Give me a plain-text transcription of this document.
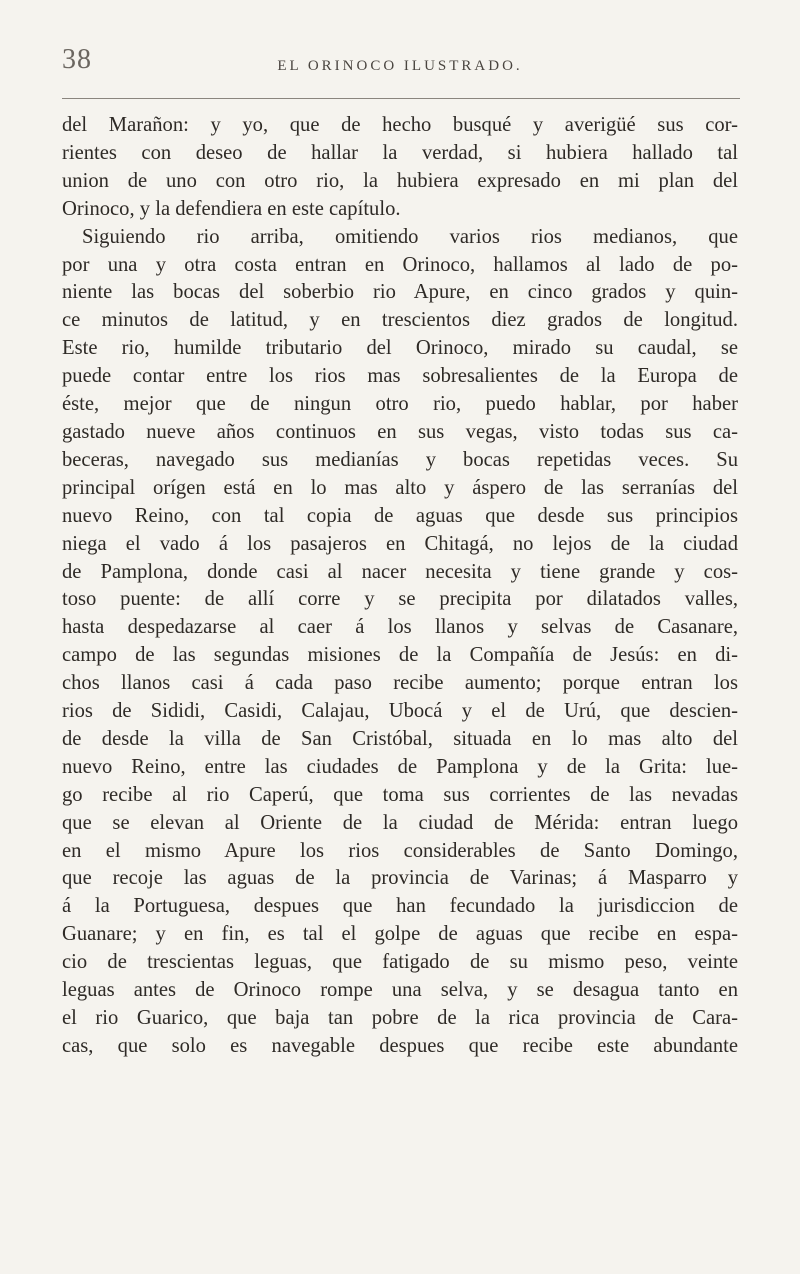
38	EL ORINOCO ILUSTRADO.
del Marañon: y yo, que de hecho busqué y averigüé sus cor-
rientes con deseo de hallar la verdad, si hubiera hallado tal
union de uno con otro rio, la hubiera expresado en mi plan del
Orinoco, y la defendiera en este capítulo.
Siguiendo rio arriba, omitiendo varios rios medianos, que
por una y otra costa entran en Orinoco, hallamos al lado de po-
niente las bocas del soberbio rio Apure, en cinco grados y quin-
ce minutos de latitud, y en trescientos diez grados de longitud.
Este rio, humilde tributario del Orinoco, mirado su caudal, se
puede contar entre los rios mas sobresalientes de la Europa de
éste, mejor que de ningun otro rio, puedo hablar, por haber
gastado nueve años continuos en sus vegas, visto todas sus ca-
beceras, navegado sus medianías y bocas repetidas veces. Su
principal orígen está en lo mas alto y áspero de las serranías del
nuevo Reino, con tal copia de aguas que desde sus principios
niega el vado á los pasajeros en Chitagá, no lejos de la ciudad
de Pamplona, donde casi al nacer necesita y tiene grande y cos-
toso puente: de allí corre y se precipita por dilatados valles,
hasta despedazarse al caer á los llanos y selvas de Casanare,
campo de las segundas misiones de la Compañía de Jesús: en di-
chos llanos casi á cada paso recibe aumento; porque entran los
rios de Sididi, Casidi, Calajau, Ubocá y el de Urú, que descien-
de desde la villa de San Cristóbal, situada en lo mas alto del
nuevo Reino, entre las ciudades de Pamplona y de la Grita: lue-
go recibe al rio Caperú, que toma sus corrientes de las nevadas
que se elevan al Oriente de la ciudad de Mérida: entran luego
en el mismo Apure los rios considerables de Santo Domingo,
que recoje las aguas de la provincia de Varinas; á Masparro y
á la Portuguesa, despues que han fecundado la jurisdiccion de
Guanare; y en fin, es tal el golpe de aguas que recibe en espa-
cio de trescientas leguas, que fatigado de su mismo peso, veinte
leguas antes de Orinoco rompe una selva, y se desagua tanto en
el rio Guarico, que baja tan pobre de la rica provincia de Cara-
cas, que solo es navegable despues que recibe este abundante
